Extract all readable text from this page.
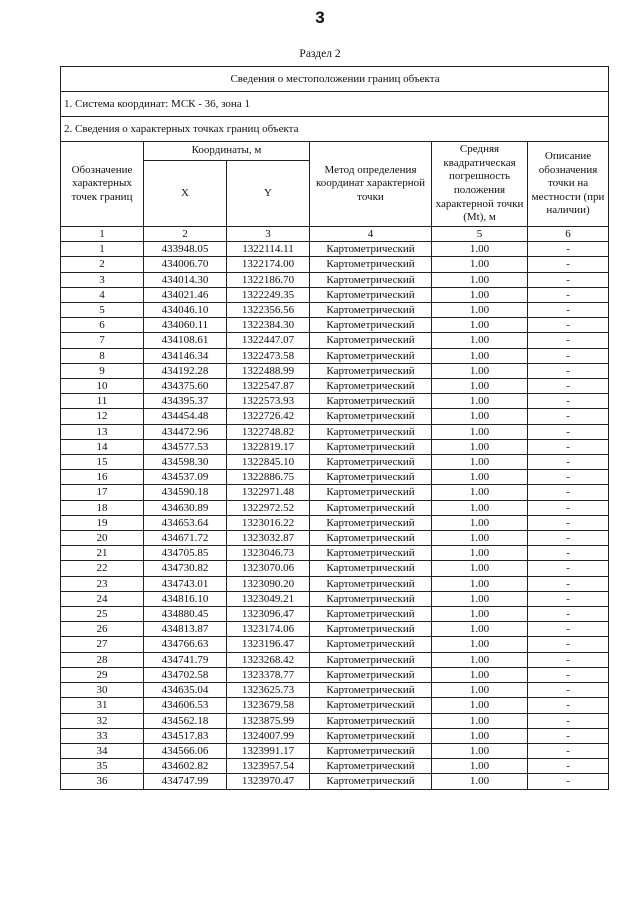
3
Раздел 2
Сведения о местоположении границ объекта					
1. Система координат: МСК - 36, зона 1					
2. Сведения о характерных точках границ объекта					
Обозначение характерных точек границ	Координаты, м		Метод определения координат характерной точки	Средняя квадратическая погрешность положения характерной точки (Mt), м	Описание обозначения точки на местности (при наличии)
	X	Y			
1	2	3	4	5	6
1	433948.05	1322114.11	Картометрический	1.00	-
2	434006.70	1322174.00	Картометрический	1.00	-
3	434014.30	1322186.70	Картометрический	1.00	-
4	434021.46	1322249.35	Картометрический	1.00	-
5	434046.10	1322356.56	Картометрический	1.00	-
6	434060.11	1322384.30	Картометрический	1.00	-
7	434108.61	1322447.07	Картометрический	1.00	-
8	434146.34	1322473.58	Картометрический	1.00	-
9	434192.28	1322488.99	Картометрический	1.00	-
10	434375.60	1322547.87	Картометрический	1.00	-
11	434395.37	1322573.93	Картометрический	1.00	-
12	434454.48	1322726.42	Картометрический	1.00	-
13	434472.96	1322748.82	Картометрический	1.00	-
14	434577.53	1322819.17	Картометрический	1.00	-
15	434598.30	1322845.10	Картометрический	1.00	-
16	434537.09	1322886.75	Картометрический	1.00	-
17	434590.18	1322971.48	Картометрический	1.00	-
18	434630.89	1322972.52	Картометрический	1.00	-
19	434653.64	1323016.22	Картометрический	1.00	-
20	434671.72	1323032.87	Картометрический	1.00	-
21	434705.85	1323046.73	Картометрический	1.00	-
22	434730.82	1323070.06	Картометрический	1.00	-
23	434743.01	1323090.20	Картометрический	1.00	-
24	434816.10	1323049.21	Картометрический	1.00	-
25	434880.45	1323096.47	Картометрический	1.00	-
26	434813.87	1323174.06	Картометрический	1.00	-
27	434766.63	1323196.47	Картометрический	1.00	-
28	434741.79	1323268.42	Картометрический	1.00	-
29	434702.58	1323378.77	Картометрический	1.00	-
30	434635.04	1323625.73	Картометрический	1.00	-
31	434606.53	1323679.58	Картометрический	1.00	-
32	434562.18	1323875.99	Картометрический	1.00	-
33	434517.83	1324007.99	Картометрический	1.00	-
34	434566.06	1323991.17	Картометрический	1.00	-
35	434602.82	1323957.54	Картометрический	1.00	-
36	434747.99	1323970.47	Картометрический	1.00	-
